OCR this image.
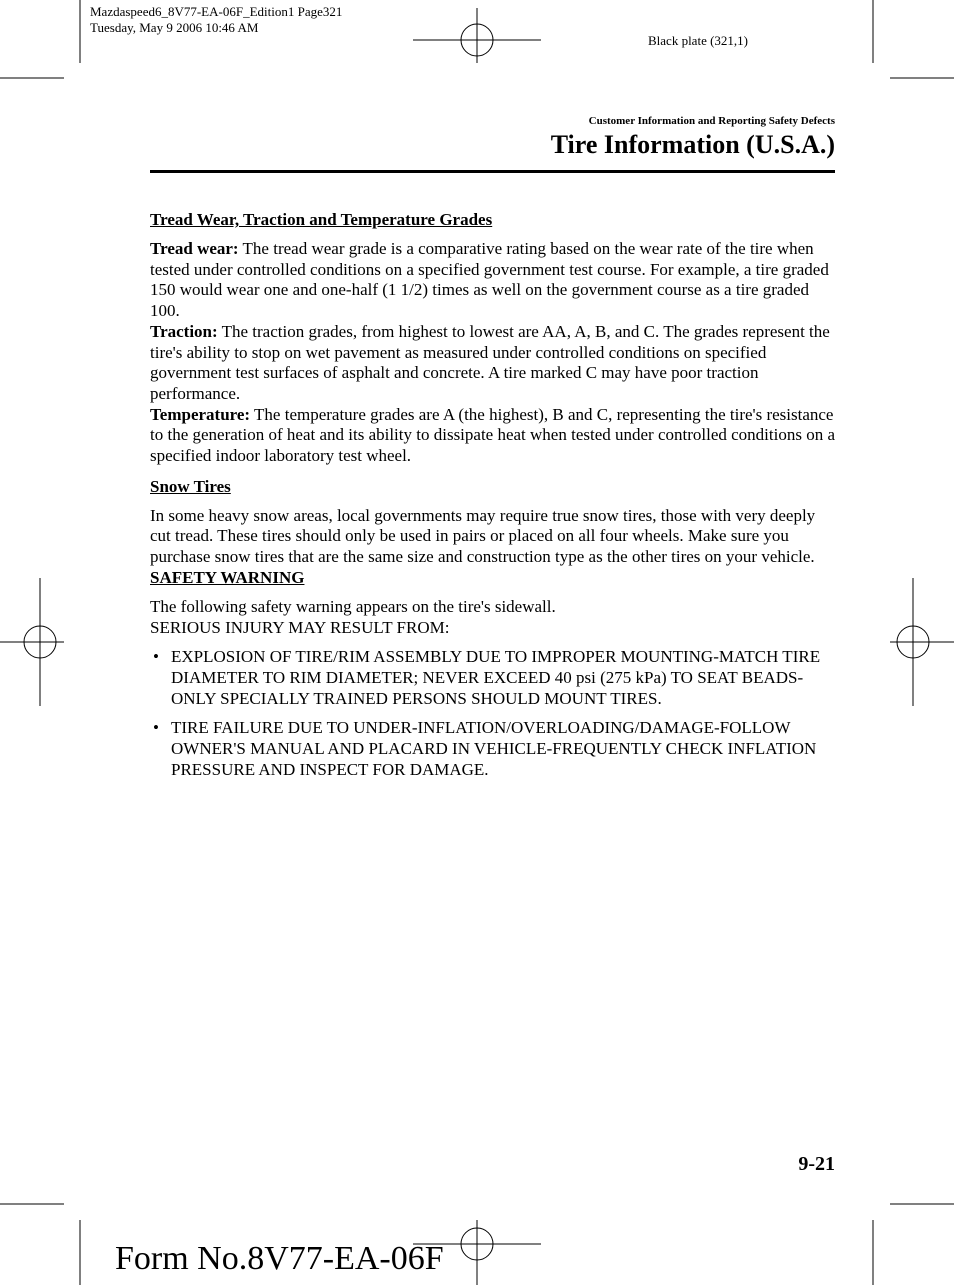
Mazdaspeed6_8V77-EA-06F_Edition1 Page321
Tuesday, May 9 2006 10:46 AM
Black plate (321,1)
Customer Information and Reporting Safety Defects
Tire Information (U.S.A.)
Tread Wear, Traction and Temperature Grades

Tread wear: The tread wear grade is a comparative rating based on the wear rate of the tire when tested under controlled conditions on a specified government test course. For example, a tire graded 150 would wear one and one-half (1 1/2) times as well on the government course as a tire graded 100.

Traction: The traction grades, from highest to lowest are AA, A, B, and C. The grades represent the tire's ability to stop on wet pavement as measured under controlled conditions on specified government test surfaces of asphalt and concrete. A tire marked C may have poor traction performance.

Temperature: The temperature grades are A (the highest), B and C, representing the tire's resistance to the generation of heat and its ability to dissipate heat when tested under controlled conditions on a specified indoor laboratory test wheel.

Snow Tires

In some heavy snow areas, local governments may require true snow tires, those with very deeply cut tread. These tires should only be used in pairs or placed on all four wheels. Make sure you purchase snow tires that are the same size and construction type as the other tires on your vehicle.

SAFETY WARNING

The following safety warning appears on the tire's sidewall.

SERIOUS INJURY MAY RESULT FROM:

• EXPLOSION OF TIRE/RIM ASSEMBLY DUE TO IMPROPER MOUNTING-MATCH TIRE DIAMETER TO RIM DIAMETER; NEVER EXCEED 40 psi (275 kPa) TO SEAT BEADS-ONLY SPECIALLY TRAINED PERSONS SHOULD MOUNT TIRES.
• TIRE FAILURE DUE TO UNDER-INFLATION/OVERLOADING/DAMAGE-FOLLOW OWNER'S MANUAL AND PLACARD IN VEHICLE-FREQUENTLY CHECK INFLATION PRESSURE AND INSPECT FOR DAMAGE.
9-21
Form No.8V77-EA-06F
